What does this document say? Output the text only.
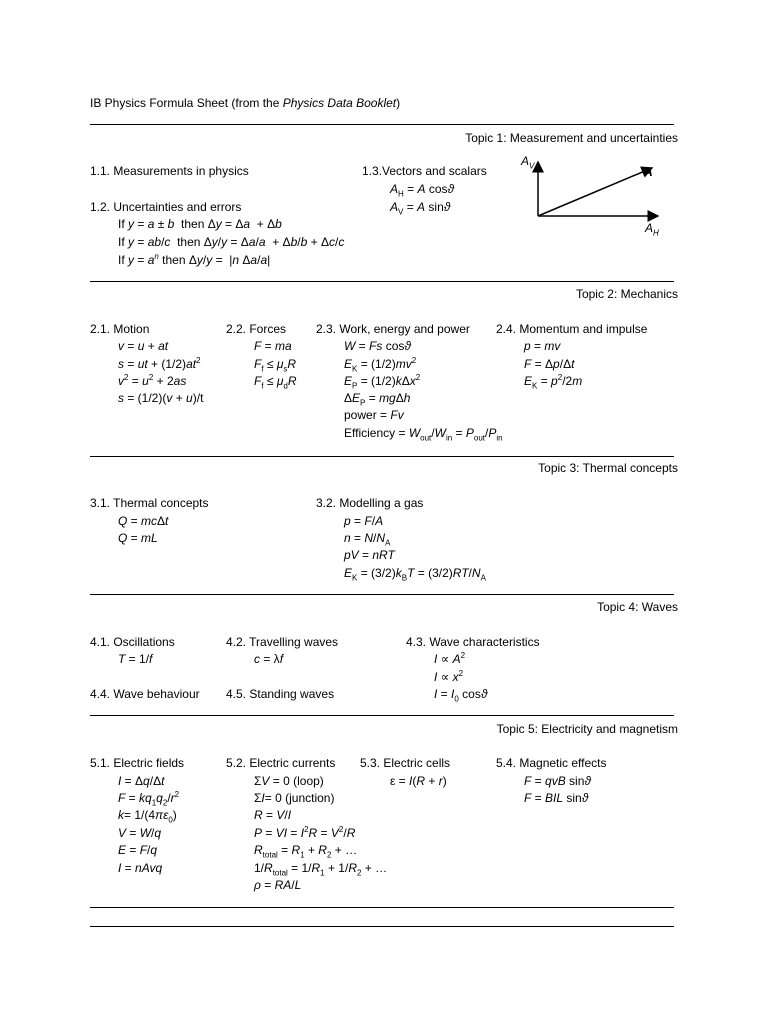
IB Physics Formula Sheet (from the Physics Data Booklet)
Topic 1: Measurement and uncertainties
1.1. Measurements in physics
1.2. Uncertainties and errors
If y = a ± b  then Δy = Δa  + Δb
If y = ab/c  then Δy/y = Δa/a  + Δb/b + Δc/c
If $y = a^n$ then Δy/y =  |n Δa/a|
1.3.Vectors and scalars
$A_H = A$ cosϑ
$A_V = A$ sinϑ
$A_V$	A
$A_H$
Topic 2: Mechanics
2.1. Motion
v = u + at
s = ut + $(1/2)at^2$
$v^2 = u^2 + 2as$
s = (1/2)(v + u)/t
2.2. Forces
F = ma
$F_f \le \mu_sR$
$F_f \le \mu_dR$
2.3. Work, energy and power
W = Fs cosϑ
$E_K = (1/2)mv^2$
$E_P = (1/2)k\Delta x^2$
$\Delta E_P = mg\Delta h$
power = Fv
Efficiency = $W_{out}/W_{in} = P_{out}/P_{in}$
2.4. Momentum and impulse
p = mv
F = Δp/Δt
$E_K = p^2/2m$
Topic 3: Thermal concepts
3.1. Thermal concepts
Q = mcΔt
Q = mL
3.2. Modelling a gas
p = F/A
$n = N/N_A$
pV = nRT
$E_K = (3/2)k_BT = (3/2)RT/N_A$
Topic 4: Waves
4.1. Oscillations
T = 1/f
4.2. Travelling waves
c = λf
4.3. Wave characteristics
$I \propto A^2$
$I \propto x^2$
$I = I_0$ cosϑ
4.4. Wave behaviour 4.5. Standing waves
Topic 5: Electricity and magnetism
5.1. Electric fields
I = Δq/Δt
$F = kq_1q_2/r^2$
$k= 1/(4\pi\varepsilon_0)$
V = W/q
E = F/q
I = nAvq
5.2. Electric currents
ΣV = 0 (loop)
ΣI= 0 (junction)
R = V/I
P = VI = $I^2R = V^2/R$
$R_{total} = R_1 + R_2$ + …
$1/R_{total} = 1/R_1 + 1/R_2$ + …
ρ = RA/L
5.3. Electric cells
ε = I(R + r)
5.4. Magnetic effects
F = qvB sinϑ
F = BIL sinϑ
